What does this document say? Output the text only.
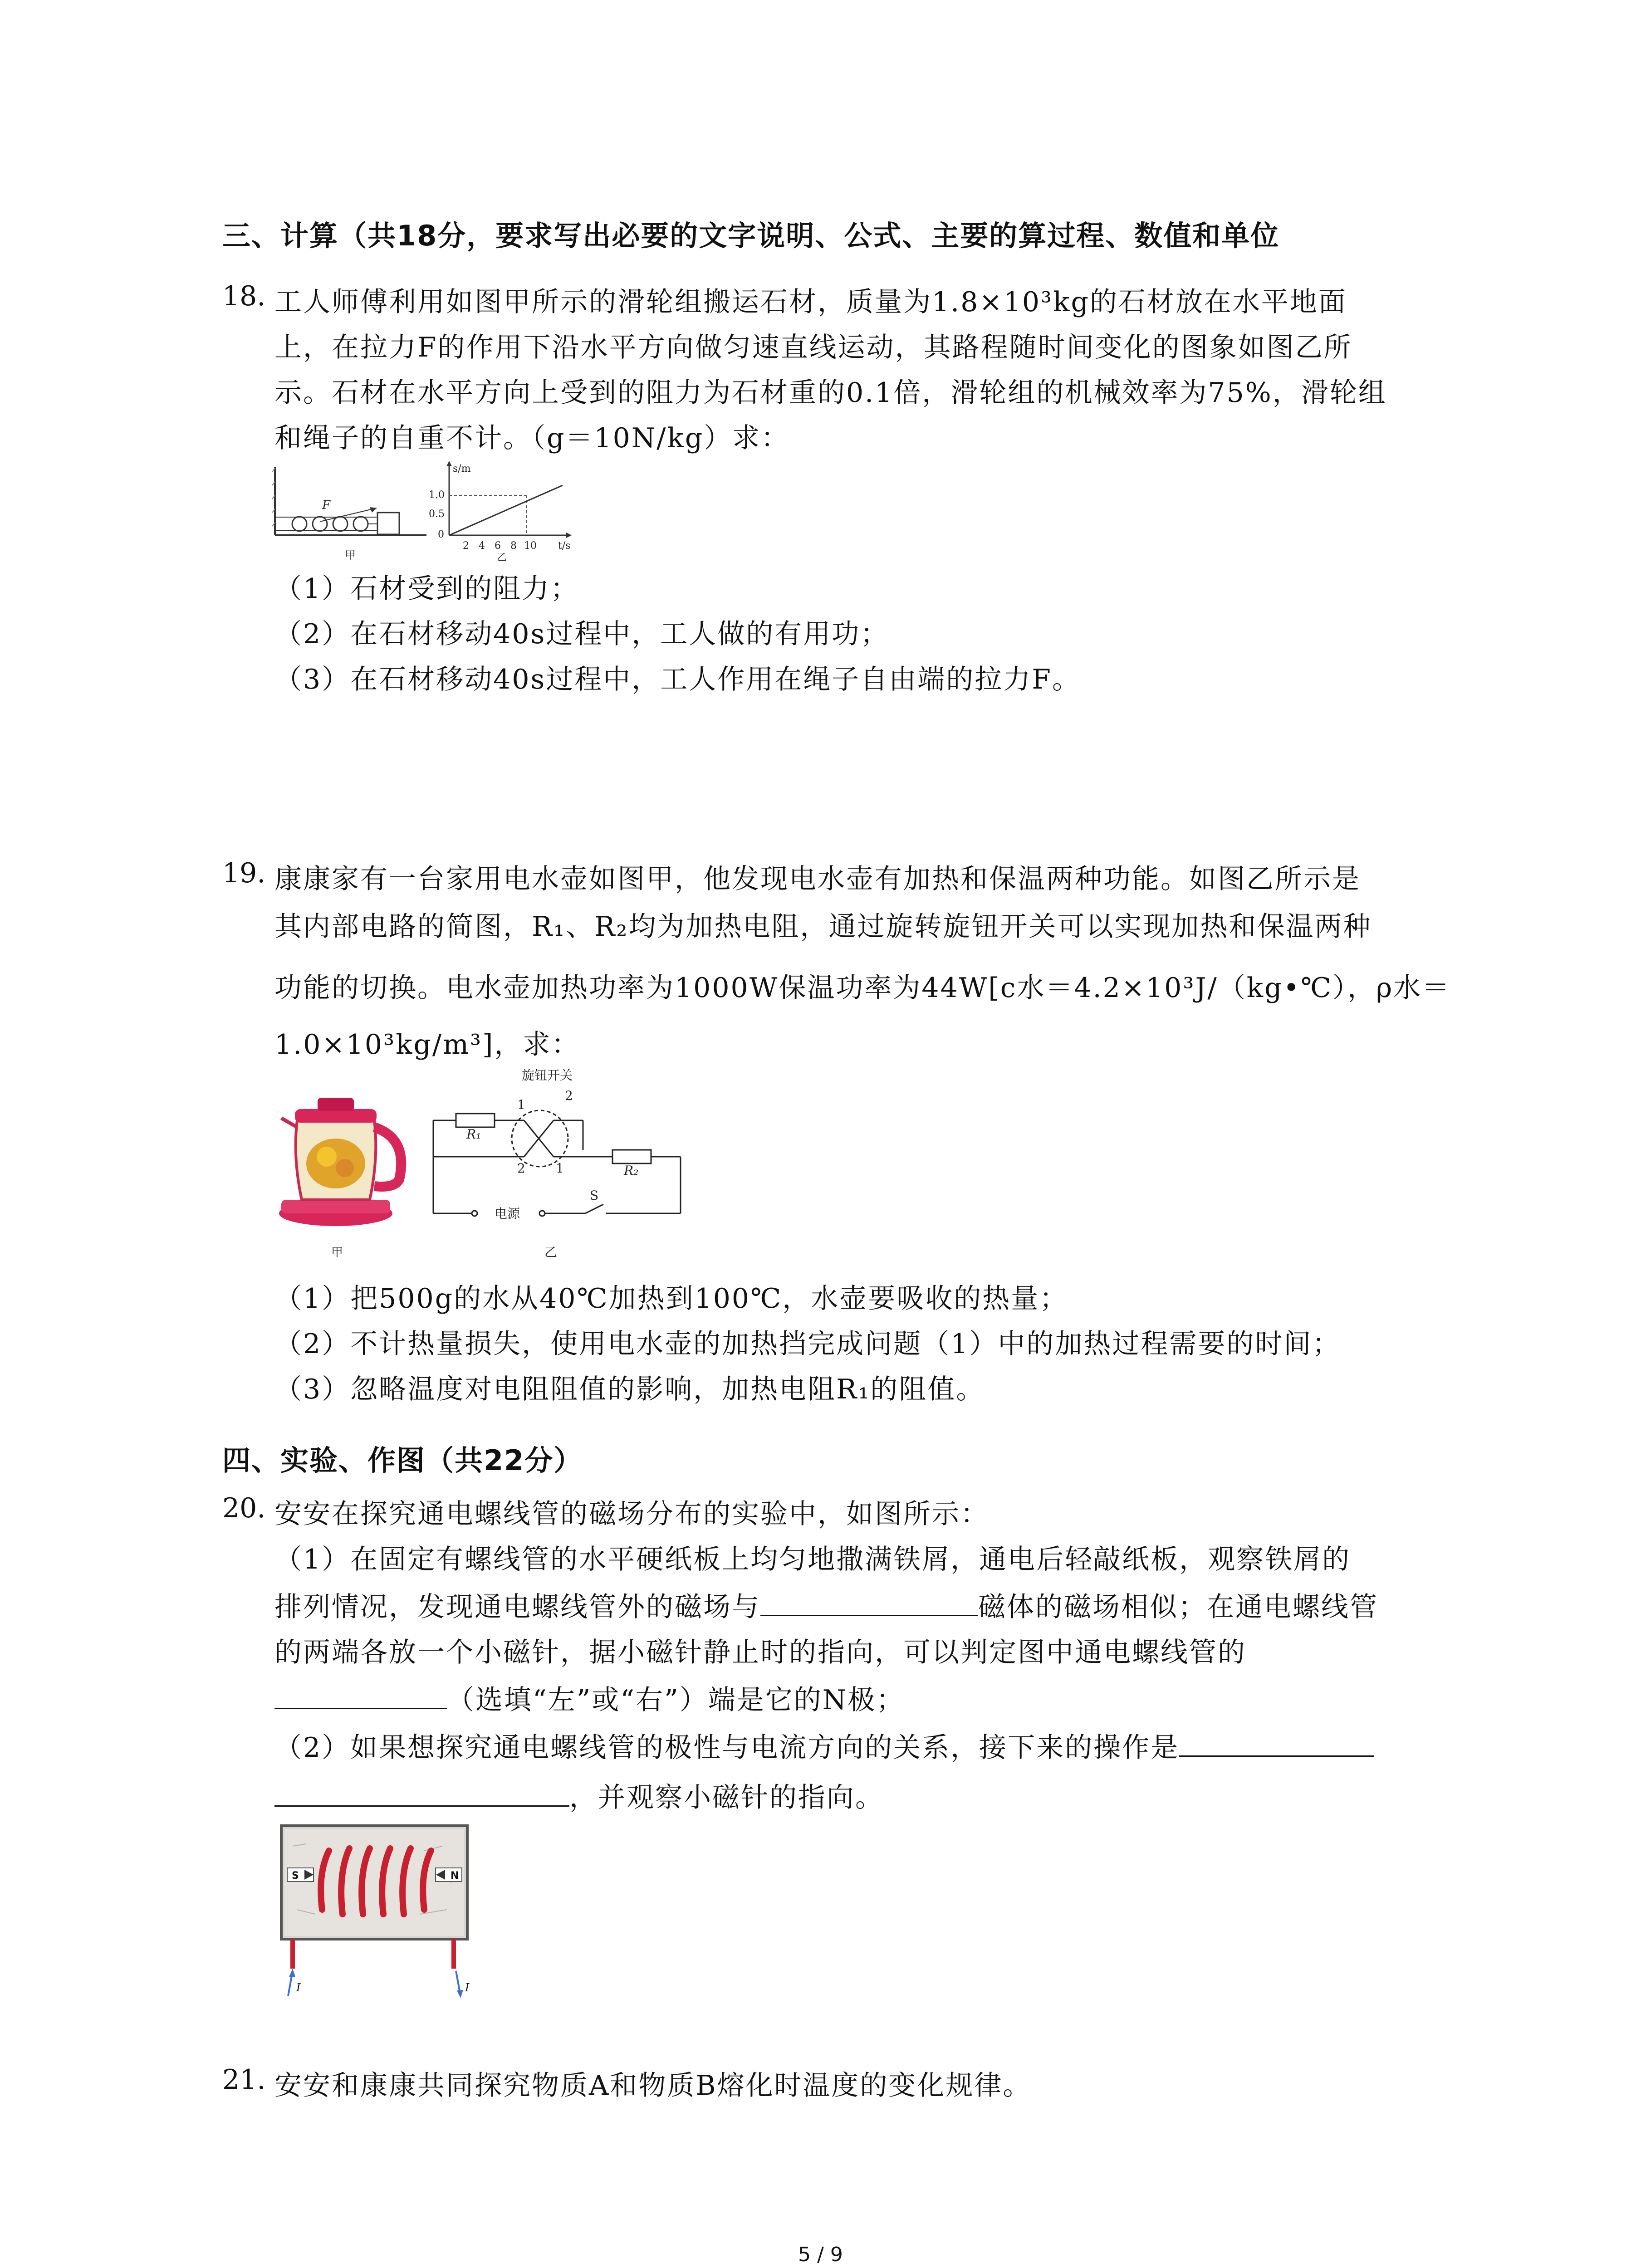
三、计算（共18分，要求写出必要的文字说明、公式、主要的算过程、数值和单位
18. 工人师傅利用如图甲所示的滑轮组搬运石材，质量为1.8×10³kg的石材放在水平地面
上，在拉力F的作用下沿水平方向做匀速直线运动，其路程随时间变化的图象如图乙所
示。石材在水平方向上受到的阻力为石材重的0.1倍，滑轮组的机械效率为75%，滑轮组
和绳子的自重不计。（g＝10N/kg）求：
F
甲
s/m
t/s
1.0
0.5
0
2 4 6 8 10
乙
（1）石材受到的阻力；
（2）在石材移动40s过程中，工人做的有用功；
（3）在石材移动40s过程中，工人作用在绳子自由端的拉力F。
19. 康康家有一台家用电水壶如图甲，他发现电水壶有加热和保温两种功能。如图乙所示是
其内部电路的简图，R₁、R₂均为加热电阻，通过旋转旋钮开关可以实现加热和保温两种
功能的切换。电水壶加热功率为1000W保温功率为44W[c水＝4.2×10³J/（kg•℃），ρ水＝
1.0×10³kg/m³]，求：
甲
旋钮开关
R₁
R₂
1
2
2 1
电源
S
乙
（1）把500g的水从40℃加热到100℃，水壶要吸收的热量；
（2）不计热量损失，使用电水壶的加热挡完成问题（1）中的加热过程需要的时间；
（3）忽略温度对电阻阻值的影响，加热电阻R₁的阻值。
四、实验、作图（共22分）
20. 安安在探究通电螺线管的磁场分布的实验中，如图所示：
（1）在固定有螺线管的水平硬纸板上均匀地撒满铁屑，通电后轻敲纸板，观察铁屑的
排列情况，发现通电螺线管外的磁场与	磁体的磁场相似；在通电螺线管
的两端各放一个小磁针，据小磁针静止时的指向，可以判定图中通电螺线管的
（选填“左”或“右”）端是它的N极；
（2）如果想探究通电螺线管的极性与电流方向的关系，接下来的操作是
，并观察小磁针的指向。
S	N
I	I
21. 安安和康康共同探究物质A和物质B熔化时温度的变化规律。
5 / 9
